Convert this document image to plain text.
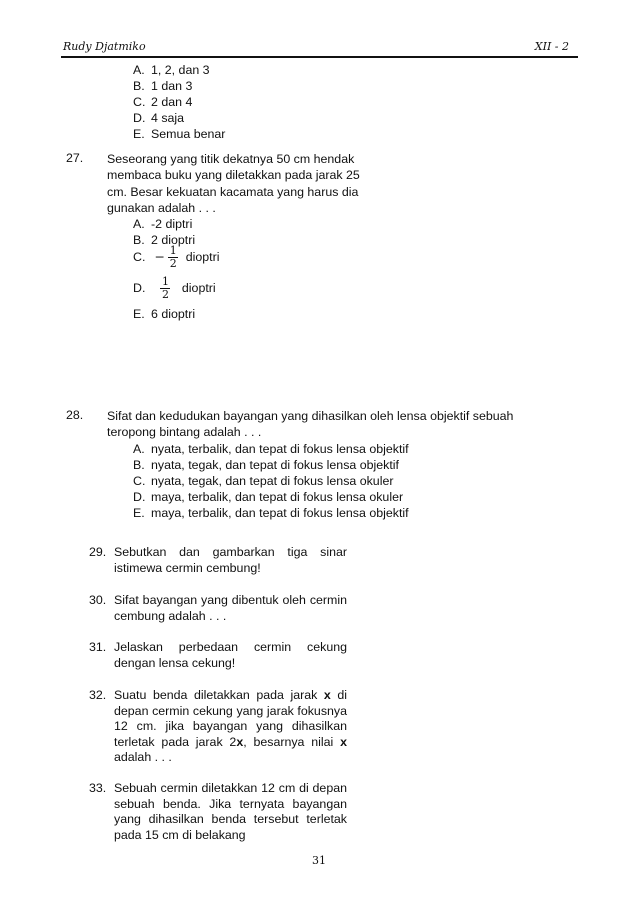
Rudy Djatmiko	XII - 2
A. 1, 2, dan 3
B. 1 dan 3
C. 2 dan 4
D. 4 saja
E. Semua benar
27. Seseorang yang titik dekatnya 50 cm hendak
membaca buku yang diletakkan pada jarak 25
cm. Besar kekuatan kacamata yang harus dia
gunakan adalah . . .
A. -2 diptri
B. 2 dioptri
C. − $\frac{1}{2}$ dioptri
D. $\frac{1}{2}$ dioptri
E. 6 dioptri
28. Sifat dan kedudukan bayangan yang dihasilkan oleh lensa objektif sebuah
teropong bintang adalah . . .
A. nyata, terbalik, dan tepat di fokus lensa objektif
B. nyata, tegak, dan tepat di fokus lensa objektif
C. nyata, tegak, dan tepat di fokus lensa okuler
D. maya, terbalik, dan tepat di fokus lensa okuler
E. maya, terbalik, dan tepat di fokus lensa objektif
29. Sebutkan dan gambarkan tiga sinar istimewa cermin cembung!
30. Sifat bayangan yang dibentuk oleh cermin cembung adalah . . .
31. Jelaskan perbedaan cermin cekung dengan lensa cekung!
32. Suatu benda diletakkan pada jarak x di depan cermin cekung yang jarak fokusnya 12 cm. jika bayangan yang dihasilkan terletak pada jarak 2x, besarnya nilai x adalah . . .
33. Sebuah cermin diletakkan 12 cm di depan sebuah benda. Jika ternyata bayangan yang dihasilkan benda tersebut terletak pada 15 cm di belakang
31
